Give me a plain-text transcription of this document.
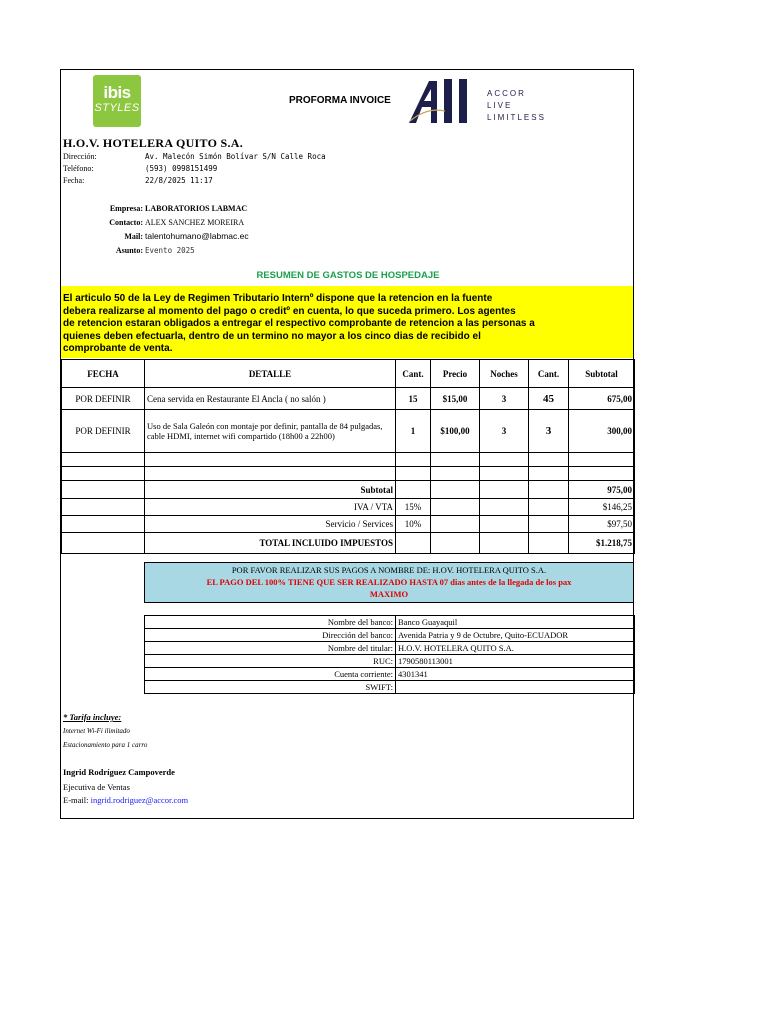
ibis
STYLES
PROFORMA INVOICE
ACCOR
LIVE
LIMITLESS
H.O.V. HOTELERA QUITO S.A.
Dirección:	Av. Malecón Simón Bolívar S/N Calle Roca
Teléfono:	(593) 0998151499
Fecha:	22/8/2025 11:17
Empresa: LABORATORIOS LABMAC
Contacto: ALEX SANCHEZ MOREIRA
Mail: talentohumano@labmac.ec
Asunto: Evento 2025
RESUMEN DE GASTOS DE HOSPEDAJE
El articulo 50 de la Ley de Regimen Tributario Internº dispone que la retencion en la fuente
debera realizarse al momento del pago o creditº en cuenta, lo que suceda primero. Los agentes
de retencion estaran obligados a entregar el respectivo comprobante de retencion a las personas a
quienes deben efectuarla, dentro de un termino no mayor a los cinco dias de recibido el
comprobante de venta.
FECHA	DETALLE	Cant.	Precio	Noches	Cant.	Subtotal
POR DEFINIR	Cena servida en Restaurante El Ancla ( no salón )	15	$15,00	3	45	675,00
POR DEFINIR	Uso de Sala Galeón con montaje por definir, pantalla de 84 pulgadas, cable HDMI, internet wifi compartido (18h00 a 22h00)	1	$100,00	3	3	300,00

	Subtotal					975,00
	IVA / VTA	15%				$146,25
	Servicio / Services	10%				$97,50
	TOTAL INCLUIDO IMPUESTOS					$1.218,75
POR FAVOR REALIZAR SUS PAGOS A NOMBRE DE: H.OV. HOTELERA QUITO S.A.
EL PAGO DEL 100% TIENE QUE SER REALIZADO HASTA 07 dias antes de la llegada de los pax
MAXIMO
Nombre del banco:	Banco Guayaquil
Dirección del banco:	Avenida Patria y 9 de Octubre, Quito-ECUADOR
Nombre del titular:	H.O.V. HOTELERA QUITO S.A.
RUC:	1790580113001
Cuenta corriente:	4301341
SWIFT:	
* Tarifa incluye:
Internet Wi-Fi ilimitado
Estacionamiento para 1 carro
Ingrid Rodríguez Campoverde
Ejecutiva de Ventas
E-mail: ingrid.rodriguez@accor.com
